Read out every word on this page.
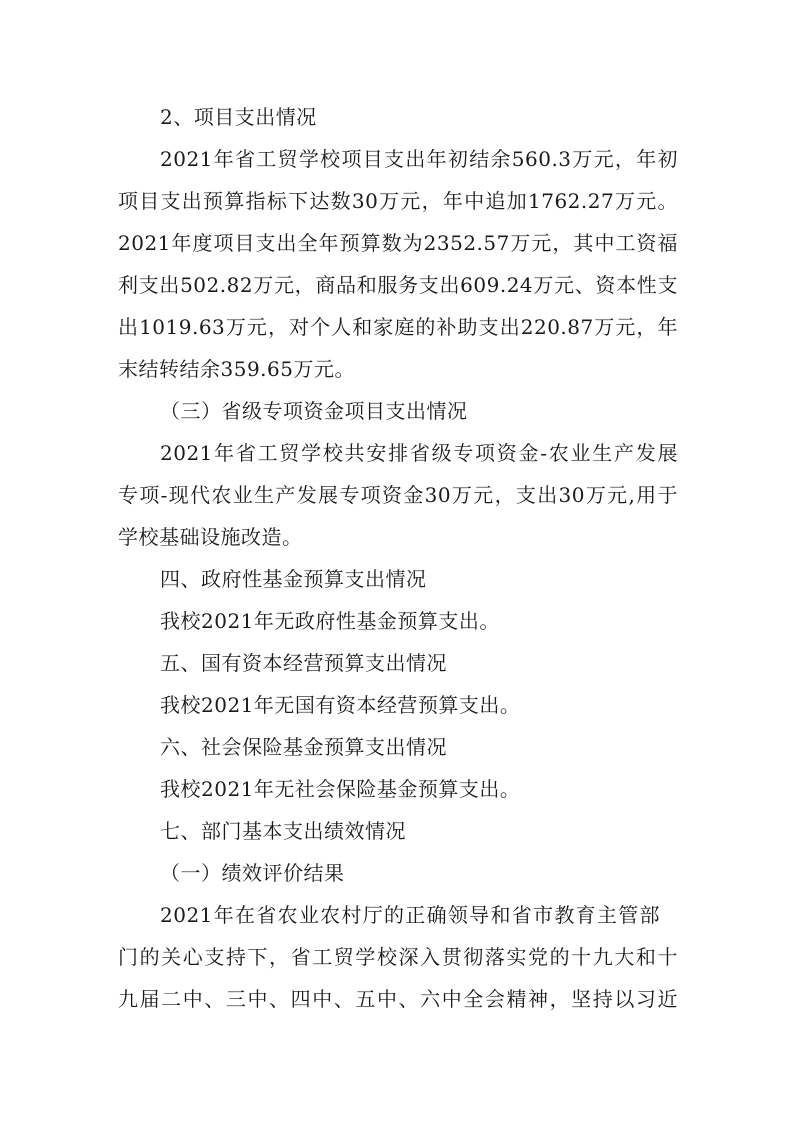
2、项目支出情况
2021年省工贸学校项目支出年初结余560.3万元，年初
项目支出预算指标下达数30万元，年中追加1762.27万元。
2021年度项目支出全年预算数为2352.57万元，其中工资福
利支出502.82万元，商品和服务支出609.24万元、资本性支
出1019.63万元，对个人和家庭的补助支出220.87万元，年
末结转结余359.65万元。
（三）省级专项资金项目支出情况
2021年省工贸学校共安排省级专项资金-农业生产发展
专项-现代农业生产发展专项资金30万元，支出30万元,用于
学校基础设施改造。
四、政府性基金预算支出情况
我校2021年无政府性基金预算支出。
五、国有资本经营预算支出情况
我校2021年无国有资本经营预算支出。
六、社会保险基金预算支出情况
我校2021年无社会保险基金预算支出。
七、部门基本支出绩效情况
（一）绩效评价结果
2021年在省农业农村厅的正确领导和省市教育主管部
门的关心支持下，省工贸学校深入贯彻落实党的十九大和十
九届二中、三中、四中、五中、六中全会精神，坚持以习近
